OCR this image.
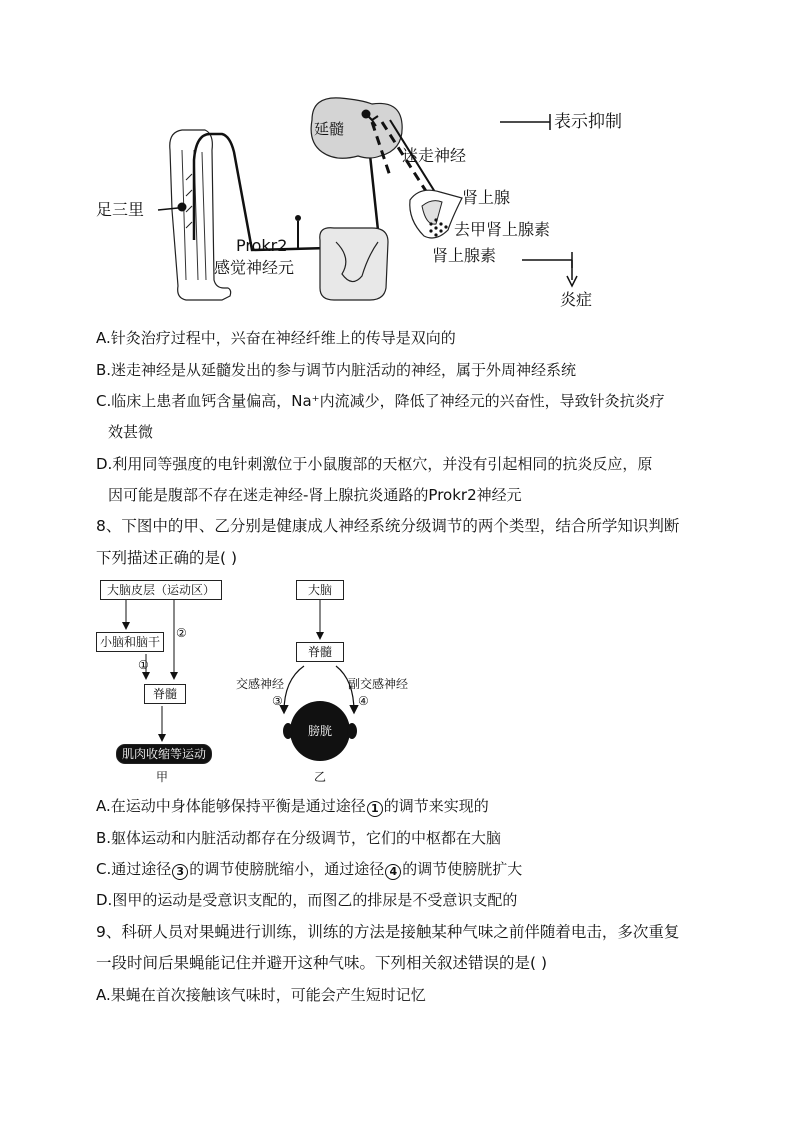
足三里
延髓
迷走神经
表示抑制
肾上腺
去甲肾上腺素
肾上腺素
Prokr2
感觉神经元
炎症
A.针灸治疗过程中，兴奋在神经纤维上的传导是双向的
B.迷走神经是从延髓发出的参与调节内脏活动的神经，属于外周神经系统
C.临床上患者血钙含量偏高，Na⁺内流减少，降低了神经元的兴奋性，导致针灸抗炎疗
效甚微
D.利用同等强度的电针刺激位于小鼠腹部的天枢穴，并没有引起相同的抗炎反应，原
因可能是腹部不存在迷走神经-肾上腺抗炎通路的Prokr2神经元
8、下图中的甲、乙分别是健康成人神经系统分级调节的两个类型，结合所学知识判断
下列描述正确的是( )
大脑皮层（运动区）
小脑和脑干
脊髓
肌肉收缩等运动
甲
②
①
大脑
脊髓
交感神经	副交感神经
③	④
膀胱
乙
A.在运动中身体能够保持平衡是通过途径 1 的调节来实现的
B.躯体运动和内脏活动都存在分级调节，它们的中枢都在大脑
C.通过途径 3 的调节使膀胱缩小，通过途径 4 的调节使膀胱扩大
D.图甲的运动是受意识支配的，而图乙的排尿是不受意识支配的
9、科研人员对果蝇进行训练，训练的方法是接触某种气味之前伴随着电击，多次重复
一段时间后果蝇能记住并避开这种气味。下列相关叙述错误的是( )
A.果蝇在首次接触该气味时，可能会产生短时记忆
